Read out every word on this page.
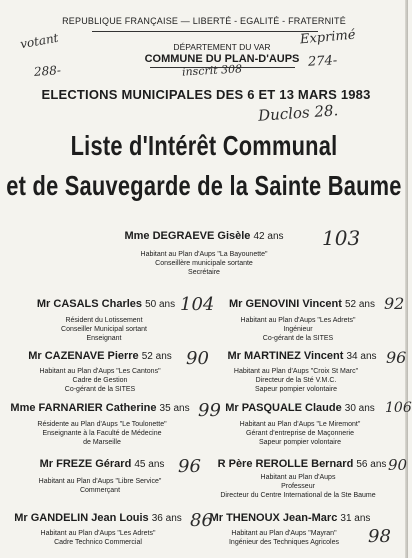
REPUBLIQUE FRANÇAISE — LIBERTÉ - EGALITÉ - FRATERNITÉ
DÉPARTEMENT DU VAR
COMMUNE DU PLAN-D'AUPS
ELECTIONS MUNICIPALES DES 6 ET 13 MARS 1983
votant
288-
Exprimé
274-
inscrit 308
Duclos 28.
Liste d'Intérêt Communal
et de Sauvegarde de la Sainte Baume
Mme DEGRAEVE Gisèle 42 ans
Habitant au Plan d'Aups "La Bayounette"
Conseillère municipale sortante
Secrétaire
103
Mr CASALS Charles 50 ans
Résident du Lotissement
Conseiller Municipal sortant
Enseignant
104 Mr GENOVINI Vincent 52 ans
Habitant au Plan d'Aups "Les Adrets"
Ingénieur
Co-gérant de la SITES
92
Mr CAZENAVE Pierre 52 ans
Habitant au Plan d'Aups "Les Cantons"
Cadre de Gestion
Co-gérant de la SITES
90 Mr MARTINEZ Vincent 34 ans
Habitant au Plan d'Aups "Croix St Marc"
Directeur de la Sté V.M.C.
Sapeur pompier volontaire
96
Mme FARNARIER Catherine 35 ans
Résidente au Plan d'Aups "Le Toulonette"
Enseignante à la Faculté de Médecine
de Marseille
99 Mr PASQUALE Claude 30 ans
Habitant au Plan d'Aups "Le Miremont"
Gérant d'entreprise de Maçonnerie
Sapeur pompier volontaire
106
Mr FREZE Gérard 45 ans
Habitant au Plan d'Aups "Libre Service"
Commerçant
96 R Père REROLLE Bernard 56 ans
Habitant au Plan d'Aups
Professeur
Directeur du Centre International de la Ste Baume
90
Mr GANDELIN Jean Louis 36 ans
Habitant au Plan d'Aups "Les Adrets"
Cadre Technico Commercial
86
Mr THENOUX Jean-Marc 31 ans
Habitant au Plan d'Aups "Mayran"
Ingénieur des Techniques Agricoles 98
